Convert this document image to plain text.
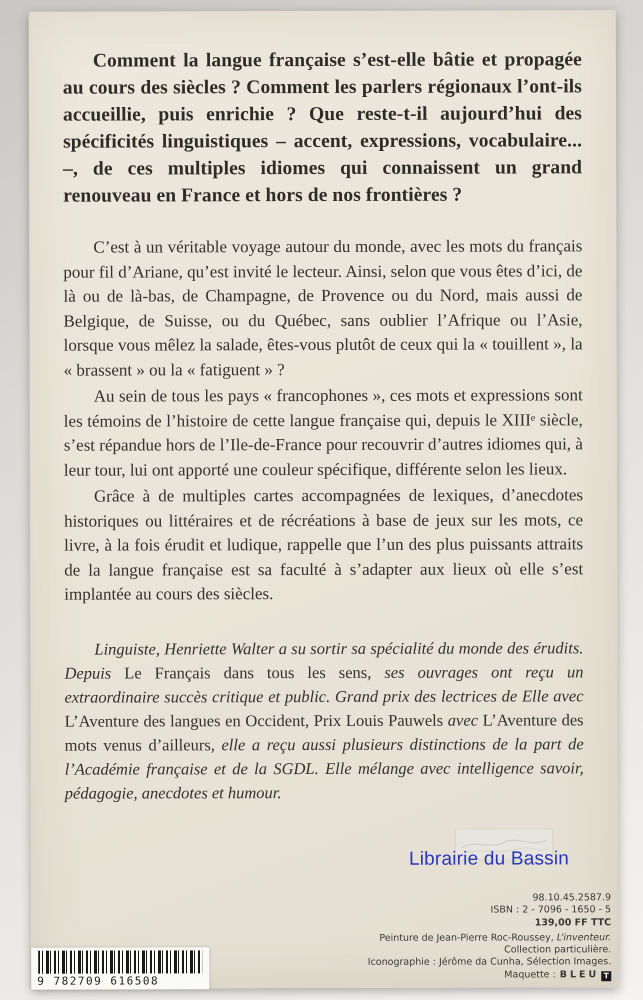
Comment la langue française s’est-elle bâtie et propagée au cours des siècles ? Comment les parlers régionaux l’ont-ils accueillie, puis enrichie ? Que reste-t-il aujourd’hui des spécificités linguistiques – accent, expressions, vocabulaire... –, de ces multiples idiomes qui connaissent un grand renouveau en France et hors de nos frontières ?

C’est à un véritable voyage autour du monde, avec les mots du français pour fil d’Ariane, qu’est invité le lecteur. Ainsi, selon que vous êtes d’ici, de là ou de là-bas, de Champagne, de Provence ou du Nord, mais aussi de Belgique, de Suisse, ou du Québec, sans oublier l’Afrique ou l’Asie, lorsque vous mêlez la salade, êtes-vous plutôt de ceux qui la « touillent », la « brassent » ou la « fatiguent » ?

Au sein de tous les pays « francophones », ces mots et expressions sont les témoins de l’histoire de cette langue française qui, depuis le XIIIᵉ siècle, s’est répandue hors de l’Ile-de-France pour recouvrir d’autres idiomes qui, à leur tour, lui ont apporté une couleur spécifique, différente selon les lieux.

Grâce à de multiples cartes accompagnées de lexiques, d’anecdotes historiques ou littéraires et de récréations à base de jeux sur les mots, ce livre, à la fois érudit et ludique, rappelle que l’un des plus puissants attraits de la langue française est sa faculté à s’adapter aux lieux où elle s’est implantée au cours des siècles.

Linguiste, Henriette Walter a su sortir sa spécialité du monde des érudits. Depuis Le Français dans tous les sens, ses ouvrages ont reçu un extraordinaire succès critique et public. Grand prix des lectrices de Elle avec L’Aventure des langues en Occident, Prix Louis Pauwels avec L’Aventure des mots venus d’ailleurs, elle a reçu aussi plusieurs distinctions de la part de l’Académie française et de la SGDL. Elle mélange avec intelligence savoir, pédagogie, anecdotes et humour.

Librairie du Bassin
98.10.45.2587.9
ISBN : 2 - 7096 - 1650 - 5
139,00 FF TTC
Peinture de Jean-Pierre Roc-Roussey, L’inventeur.
Collection particulière.
Iconographie : Jérôme da Cunha, Sélection Images.
Maquette : BLEU T
9 782709 616508
